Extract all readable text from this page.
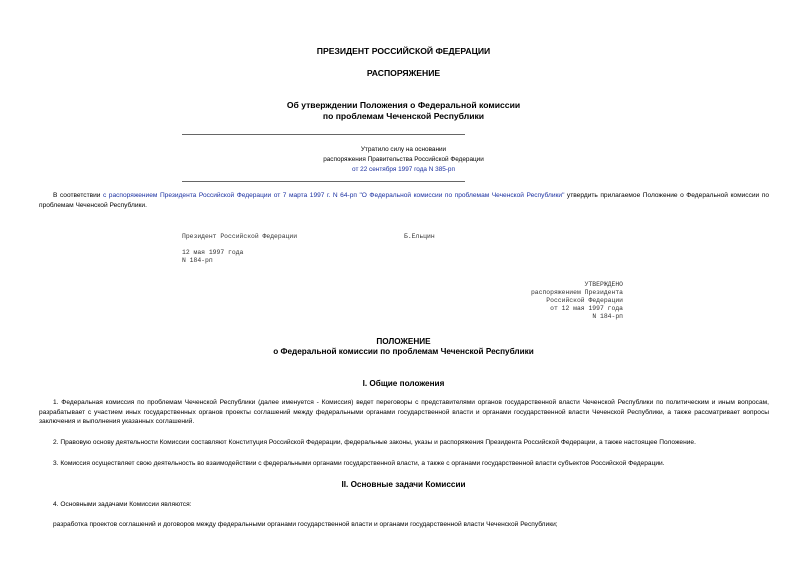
ПРЕЗИДЕНТ РОССИЙСКОЙ ФЕДЕРАЦИИ
РАСПОРЯЖЕНИЕ
Об утверждении Положения о Федеральной комиссии
по проблемам Чеченской Республики
Утратило силу на основании
распоряжения Правительства Российской Федерации
от 22 сентября 1997 года N 385-рп
В соответствии с распоряжением Президента Российской Федерации от 7 марта 1997 г. N 64-рп "О Федеральной комиссии по проблемам Чеченской Республики" утвердить прилагаемое Положение о Федеральной комиссии по проблемам Чеченской Республики.
Президент Российской Федерации	Б.Ельцин
12 мая 1997 года
N 184-рп
УТВЕРЖДЕНО
распоряжением Президента
Российской Федерации
от 12 мая 1997 года
N 184-рп
ПОЛОЖЕНИЕ
о Федеральной комиссии по проблемам Чеченской Республики
I. Общие положения
1. Федеральная комиссия по проблемам Чеченской Республики (далее именуется - Комиссия) ведет переговоры с представителями органов государственной власти Чеченской Республики по политическим и иным вопросам, разрабатывает с участием иных государственных органов проекты соглашений между федеральными органами государственной власти и органами государственной власти Чеченской Республики, а также рассматривает вопросы заключения и выполнения указанных соглашений.
2. Правовую основу деятельности Комиссии составляют Конституция Российской Федерации, федеральные законы, указы и распоряжения Президента Российской Федерации, а также настоящее Положение.
3. Комиссия осуществляет свою деятельность во взаимодействии с федеральными органами государственной власти, а также с органами государственной власти субъектов Российской Федерации.
II. Основные задачи Комиссии
4. Основными задачами Комиссии являются:
разработка проектов соглашений и договоров между федеральными органами государственной власти и органами государственной власти Чеченской Республики;
